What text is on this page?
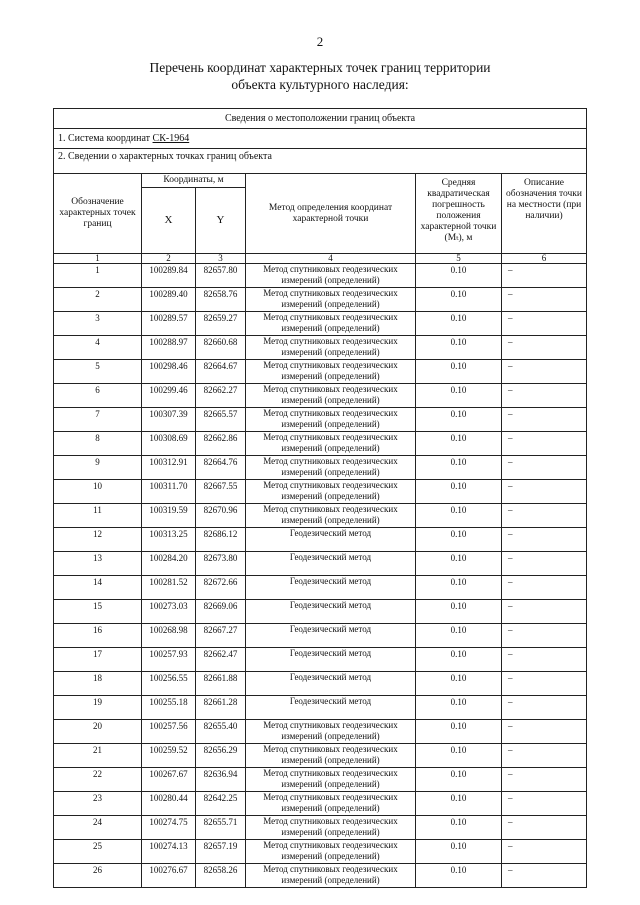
2
Перечень координат характерных точек границ территории
объекта культурного наследия:
Сведения о местоположении границ объекта					
1. Система координат СК-1964					
2. Сведении о характерных точках границ объекта					
Обозначение характерных точек границ	Координаты, м		Метод определения координат характерной точки	Средняя квадратическая погрешность положения характерной точки (Mₜ), м	Описание обозначения точки на местности (при наличии)
	X	Y			
1	2	3	4	5	6
1	100289.84	82657.80	Метод спутниковых геодезических измерений (определений)	0.10	–
2	100289.40	82658.76	Метод спутниковых геодезических измерений (определений)	0.10	–
3	100289.57	82659.27	Метод спутниковых геодезических измерений (определений)	0.10	–
4	100288.97	82660.68	Метод спутниковых геодезических измерений (определений)	0.10	–
5	100298.46	82664.67	Метод спутниковых геодезических измерений (определений)	0.10	–
6	100299.46	82662.27	Метод спутниковых геодезических измерений (определений)	0.10	–
7	100307.39	82665.57	Метод спутниковых геодезических измерений (определений)	0.10	–
8	100308.69	82662.86	Метод спутниковых геодезических измерений (определений)	0.10	–
9	100312.91	82664.76	Метод спутниковых геодезических измерений (определений)	0.10	–
10	100311.70	82667.55	Метод спутниковых геодезических измерений (определений)	0.10	–
11	100319.59	82670.96	Метод спутниковых геодезических измерений (определений)	0.10	–
12	100313.25	82686.12	Геодезический метод	0.10	–
13	100284.20	82673.80	Геодезический метод	0.10	–
14	100281.52	82672.66	Геодезический метод	0.10	–
15	100273.03	82669.06	Геодезический метод	0.10	–
16	100268.98	82667.27	Геодезический метод	0.10	–
17	100257.93	82662.47	Геодезический метод	0.10	–
18	100256.55	82661.88	Геодезический метод	0.10	–
19	100255.18	82661.28	Геодезический метод	0.10	–
20	100257.56	82655.40	Метод спутниковых геодезических измерений (определений)	0.10	–
21	100259.52	82656.29	Метод спутниковых геодезических измерений (определений)	0.10	–
22	100267.67	82636.94	Метод спутниковых геодезических измерений (определений)	0.10	–
23	100280.44	82642.25	Метод спутниковых геодезических измерений (определений)	0.10	–
24	100274.75	82655.71	Метод спутниковых геодезических измерений (определений)	0.10	–
25	100274.13	82657.19	Метод спутниковых геодезических измерений (определений)	0.10	–
26	100276.67	82658.26	Метод спутниковых геодезических измерений (определений)	0.10	–
